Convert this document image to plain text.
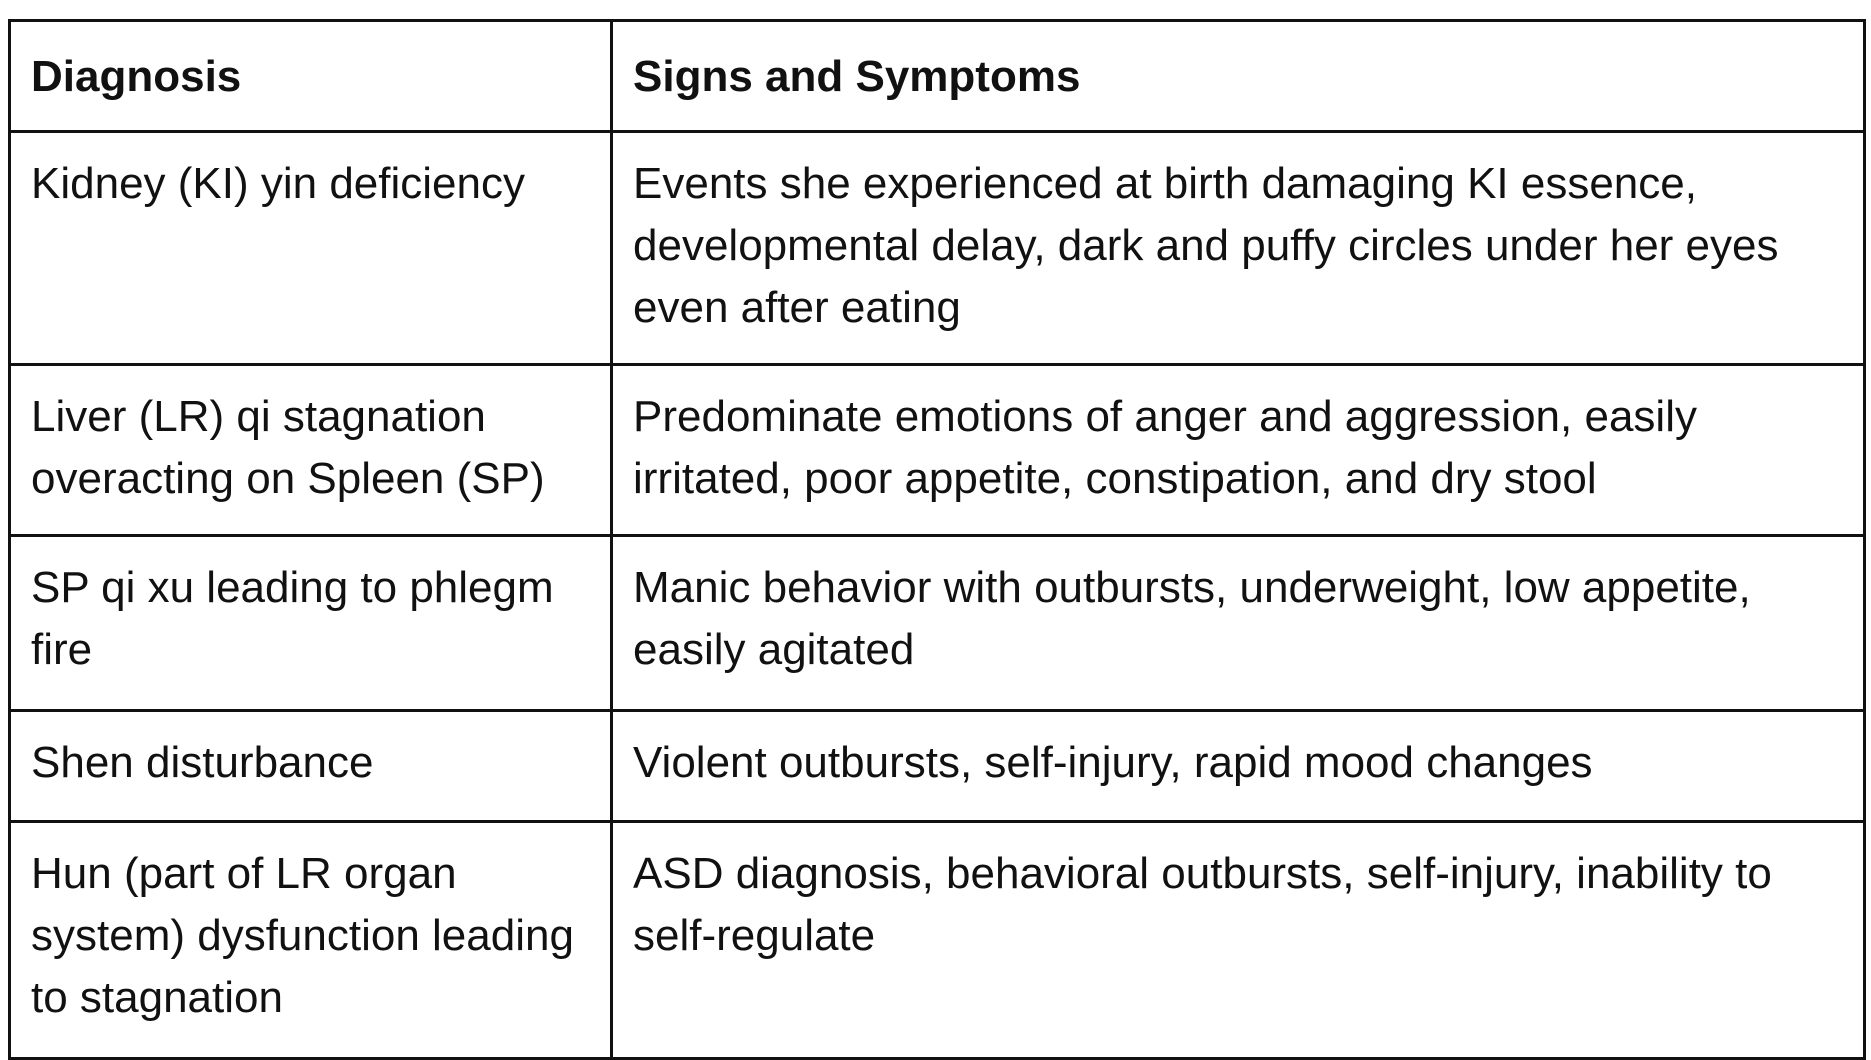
Diagnosis	Signs and Symptoms
Kidney (KI) yin deficiency	Events she experienced at birth damaging KI essence, developmental delay, dark and puffy circles under her eyes even after eating
Liver (LR) qi stagnation overacting on Spleen (SP)	Predominate emotions of anger and aggression, easily irritated, poor appetite, constipation, and dry stool
SP qi xu leading to phlegm fire	Manic behavior with outbursts, underweight, low appetite, easily agitated
Shen disturbance	Violent outbursts, self-injury, rapid mood changes
Hun (part of LR organ system) dysfunction leading to stagnation	ASD diagnosis, behavioral outbursts, self-injury, inability to self-regulate
